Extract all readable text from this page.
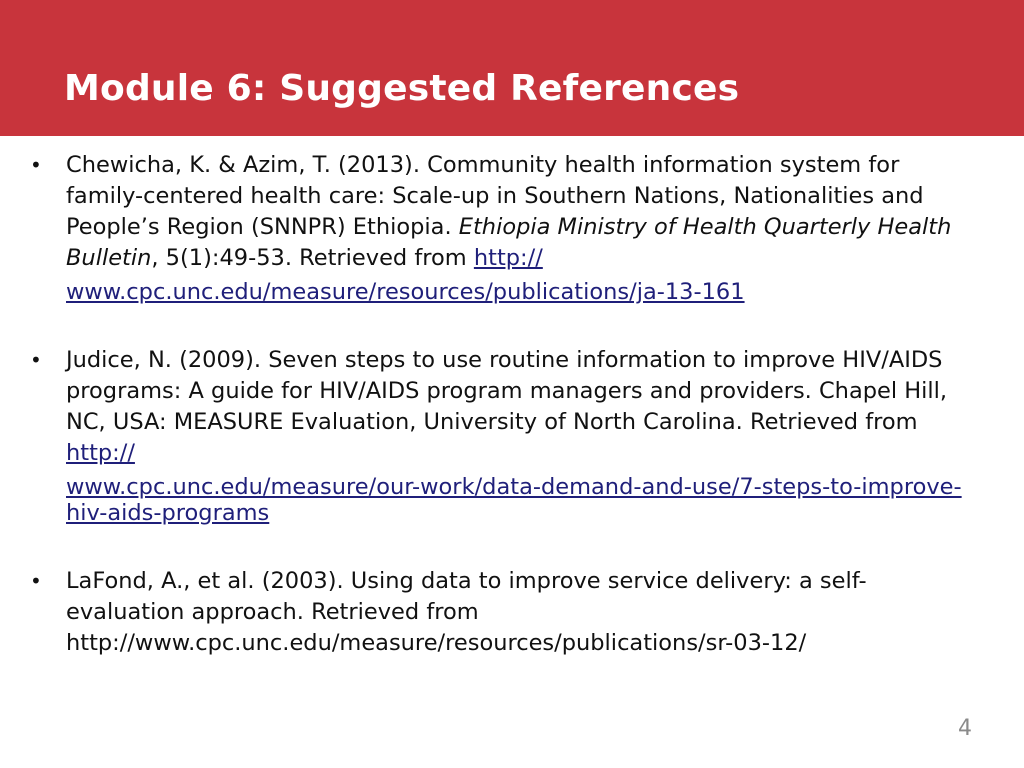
Module 6: Suggested References
• Chewicha, K. & Azim, T. (2013). Community health information system for family-centered health care: Scale-up in Southern Nations, Nationalities and People’s Region (SNNPR) Ethiopia. Ethiopia Ministry of Health Quarterly Health Bulletin, 5(1):49-53. Retrieved from http://
www.cpc.unc.edu/measure/resources/publications/ja-13-161
• Judice, N. (2009). Seven steps to use routine information to improve HIV/AIDS programs: A guide for HIV/AIDS program managers and providers. Chapel Hill, NC, USA: MEASURE Evaluation, University of North Carolina. Retrieved from http://
www.cpc.unc.edu/measure/our-work/data-demand-and-use/7-steps-to-improve-hiv-aids-programs
• LaFond, A., et al. (2003). Using data to improve service delivery: a self-evaluation approach. Retrieved from http://www.cpc.unc.edu/measure/resources/publications/sr-03-12/
4
